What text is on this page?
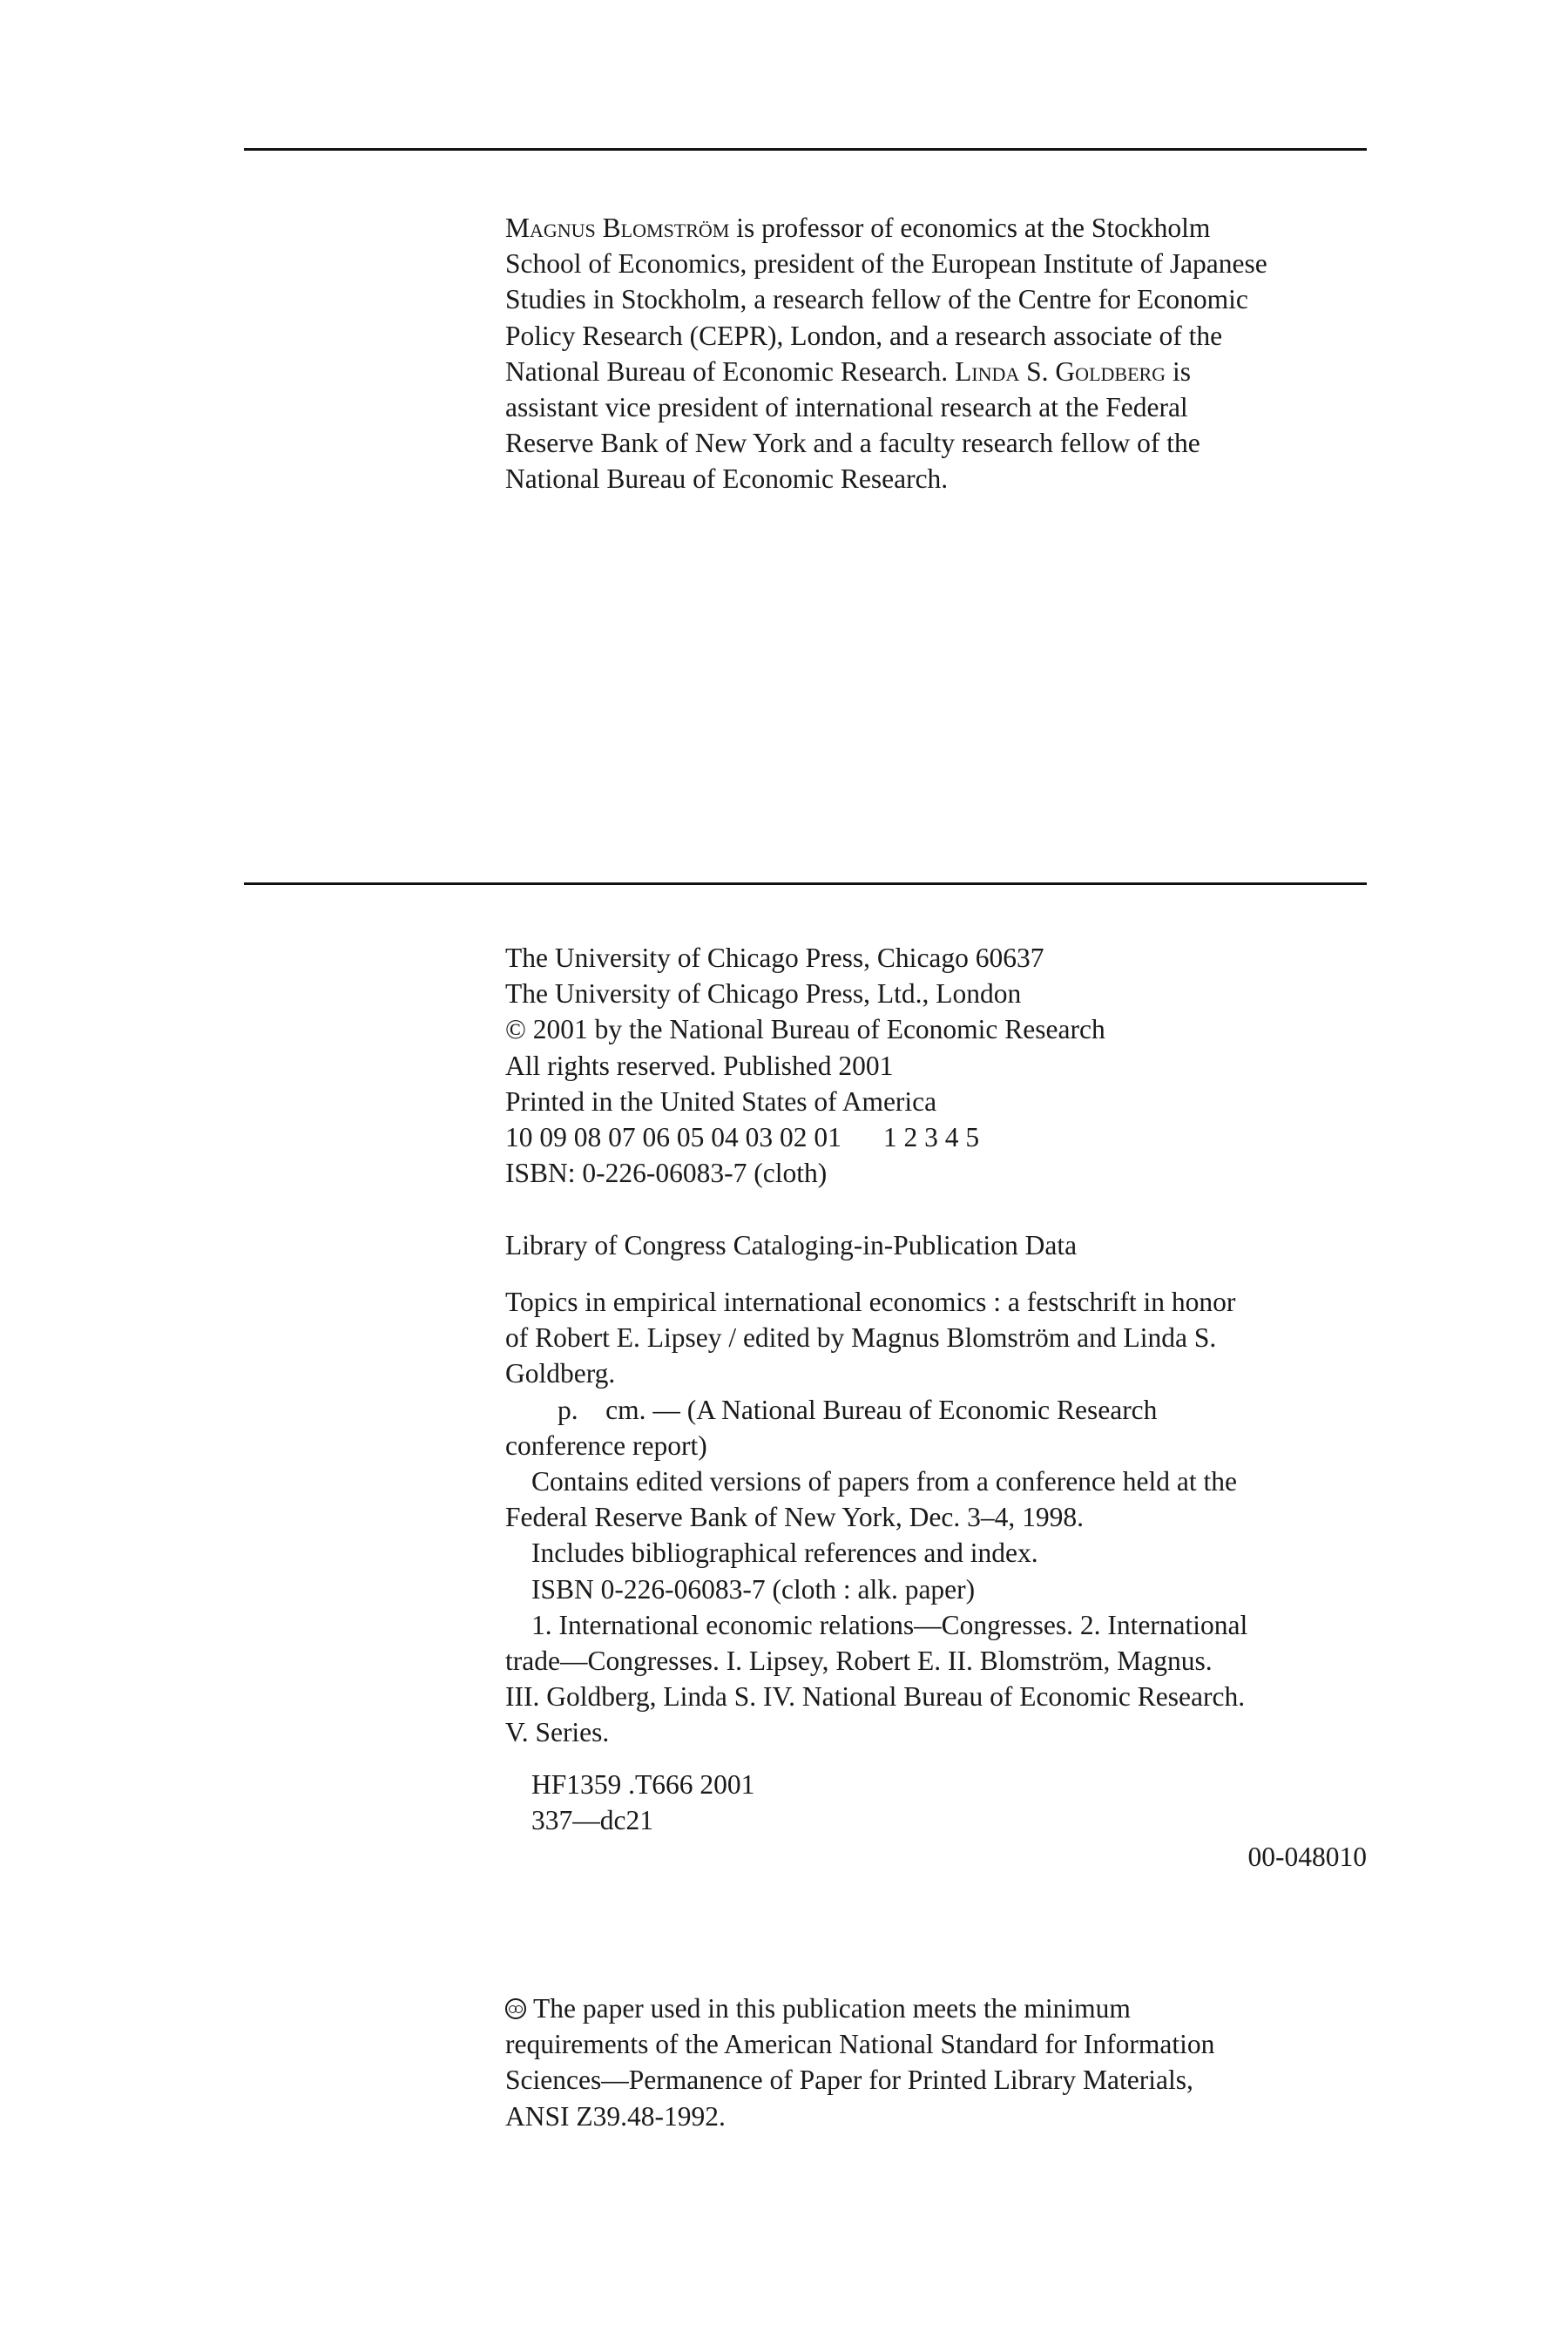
Magnus Blomström is professor of economics at the Stockholm
School of Economics, president of the European Institute of Japanese
Studies in Stockholm, a research fellow of the Centre for Economic
Policy Research (CEPR), London, and a research associate of the
National Bureau of Economic Research. Linda S. Goldberg is
assistant vice president of international research at the Federal
Reserve Bank of New York and a faculty research fellow of the
National Bureau of Economic Research.
The University of Chicago Press, Chicago 60637
The University of Chicago Press, Ltd., London
© 2001 by the National Bureau of Economic Research
All rights reserved. Published 2001
Printed in the United States of America
10 09 08 07 06 05 04 03 02 01 1 2 3 4 5
ISBN: 0-226-06083-7 (cloth)
Library of Congress Cataloging-in-Publication Data
Topics in empirical international economics : a festschrift in honor
of Robert E. Lipsey / edited by Magnus Blomström and Linda S.
Goldberg.
p.    cm. — (A National Bureau of Economic Research
conference report)
Contains edited versions of papers from a conference held at the
Federal Reserve Bank of New York, Dec. 3–4, 1998.
Includes bibliographical references and index.
ISBN 0-226-06083-7 (cloth : alk. paper)
1. International economic relations—Congresses. 2. International
trade—Congresses. I. Lipsey, Robert E. II. Blomström, Magnus.
III. Goldberg, Linda S. IV. National Bureau of Economic Research.
V. Series.
HF1359 .T666 2001
337—dc21
00-048010
The paper used in this publication meets the minimum
requirements of the American National Standard for Information
Sciences—Permanence of Paper for Printed Library Materials,
ANSI Z39.48-1992.
